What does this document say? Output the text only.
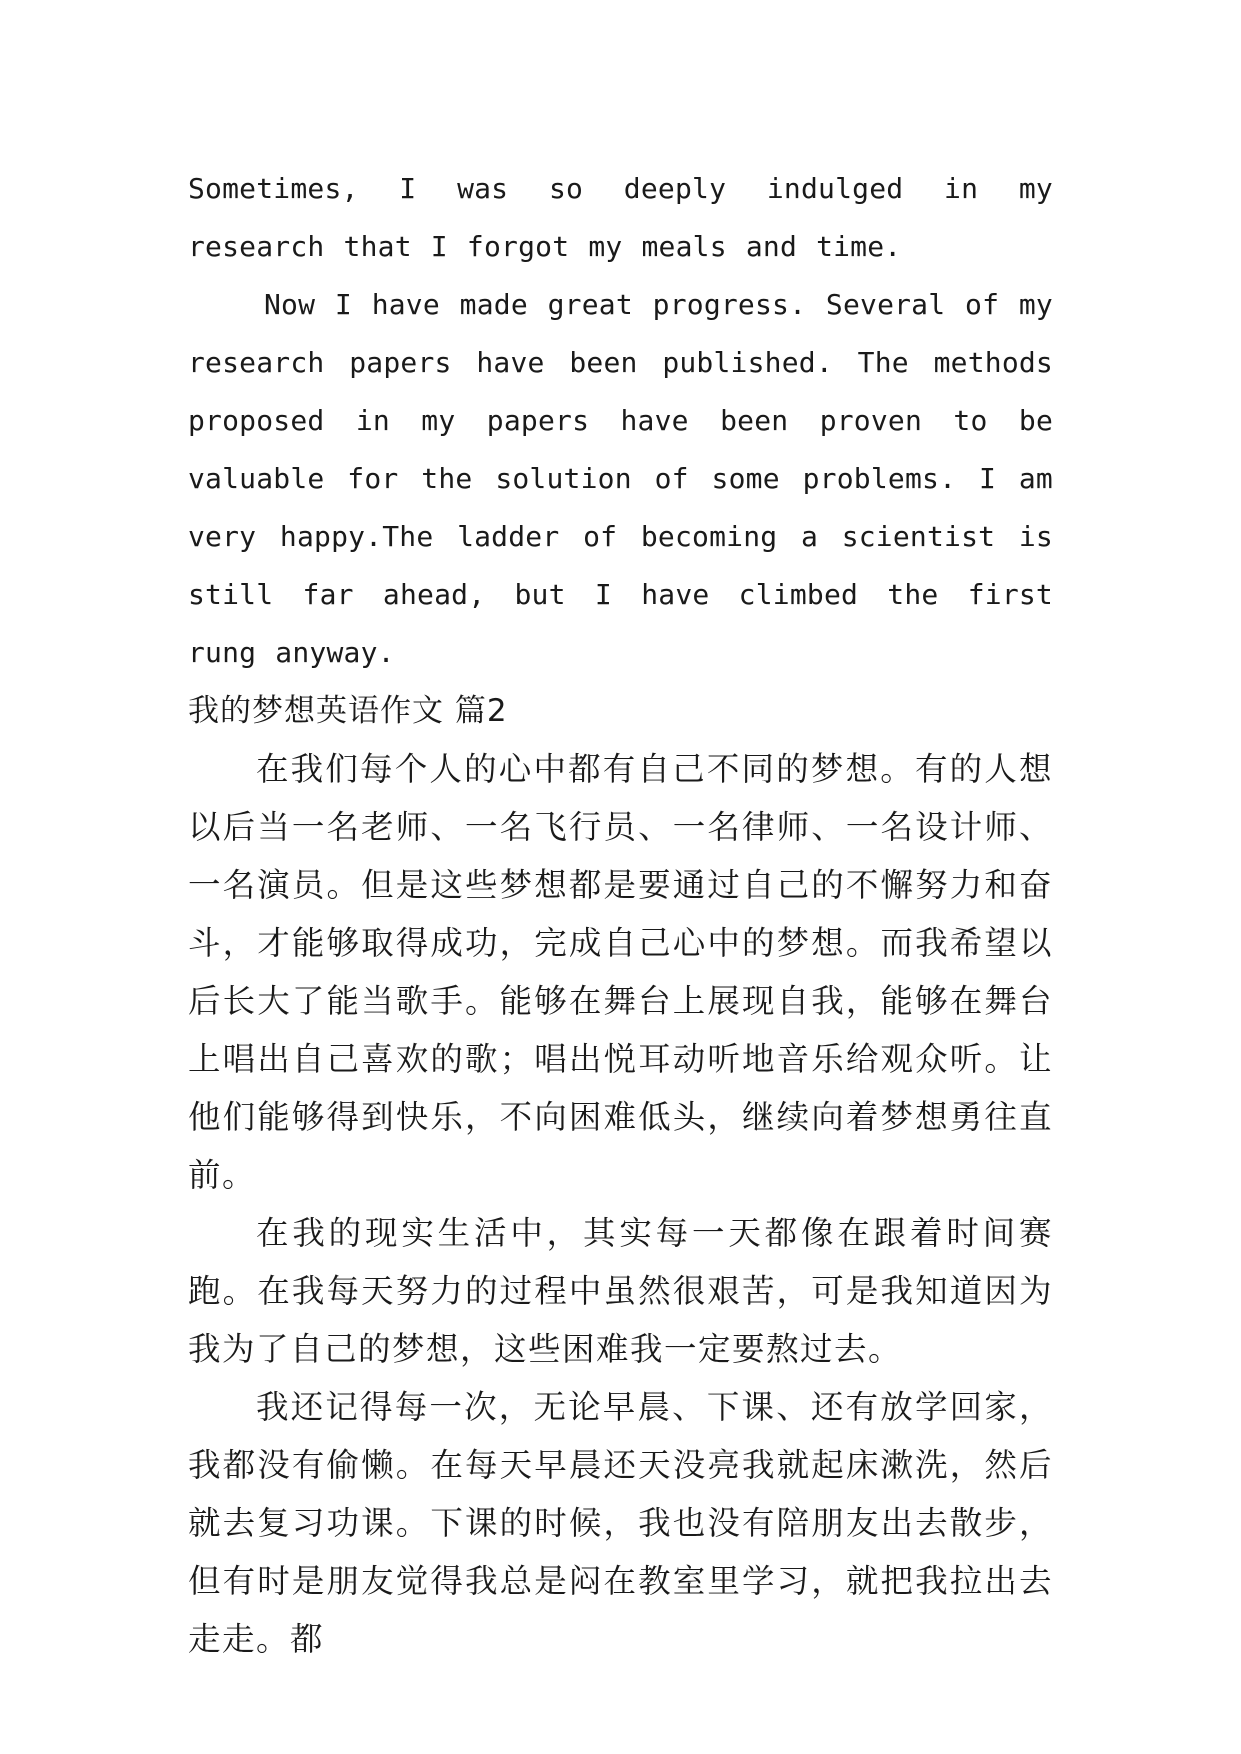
Sometimes, I was so deeply indulged in my research that I forgot my meals and time.

Now I have made great progress. Several of my research papers have been published. The methods proposed in my papers have been proven to be valuable for the solution of some problems. I am very happy.The ladder of becoming a scientist is still far ahead, but I have climbed the first rung anyway.

我的梦想英语作文 篇2

在我们每个人的心中都有自己不同的梦想。有的人想以后当一名老师、一名飞行员、一名律师、一名设计师、一名演员。但是这些梦想都是要通过自己的不懈努力和奋斗，才能够取得成功，完成自己心中的梦想。而我希望以后长大了能当歌手。能够在舞台上展现自我，能够在舞台上唱出自己喜欢的歌；唱出悦耳动听地音乐给观众听。让他们能够得到快乐，不向困难低头，继续向着梦想勇往直前。

在我的现实生活中，其实每一天都像在跟着时间赛跑。在我每天努力的过程中虽然很艰苦，可是我知道因为我为了自己的梦想，这些困难我一定要熬过去。

我还记得每一次，无论早晨、下课、还有放学回家，我都没有偷懒。在每天早晨还天没亮我就起床漱洗，然后就去复习功课。下课的时候，我也没有陪朋友出去散步，但有时是朋友觉得我总是闷在教室里学习，就把我拉出去走走。都
